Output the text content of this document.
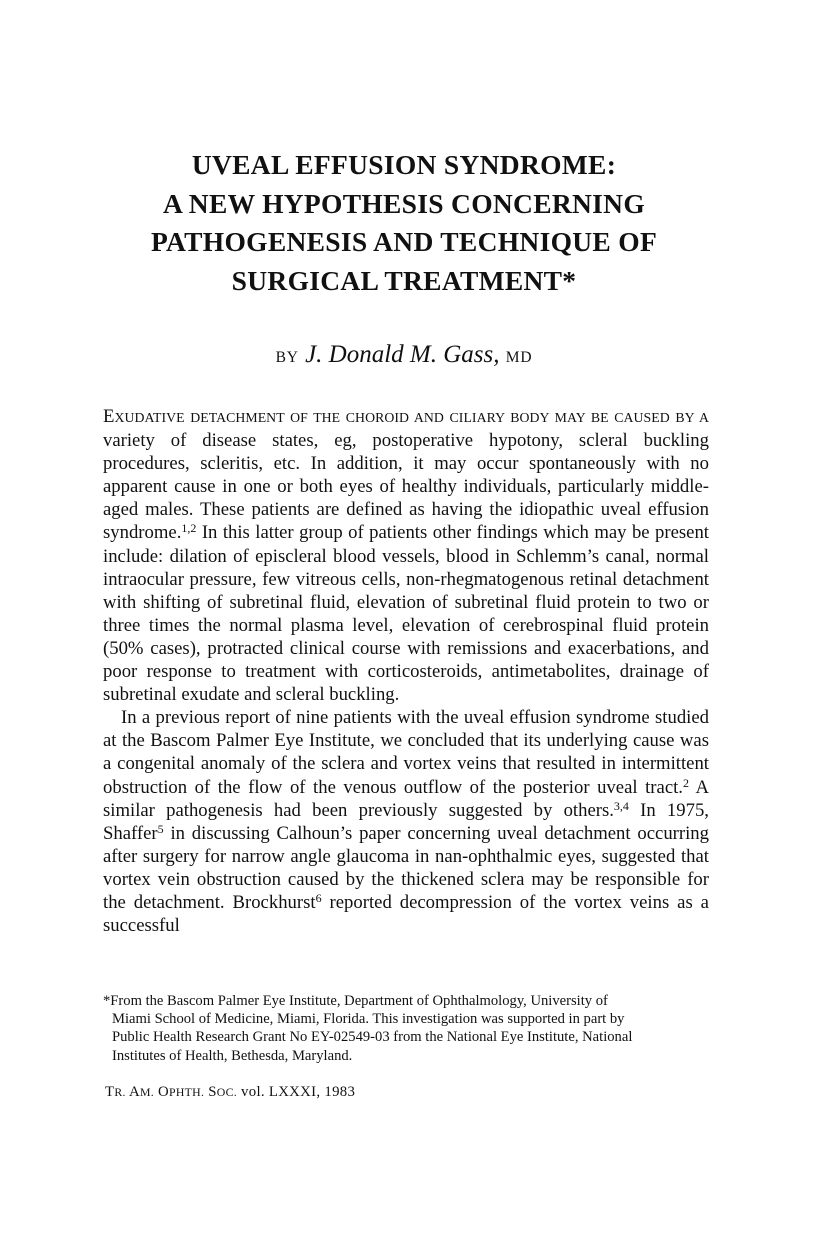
UVEAL EFFUSION SYNDROME:
A NEW HYPOTHESIS CONCERNING
PATHOGENESIS AND TECHNIQUE OF
SURGICAL TREATMENT*

BY J. Donald M. Gass, MD

EXUDATIVE DETACHMENT OF THE CHOROID AND CILIARY BODY MAY BE CAUSED BY A variety of disease states, eg, postoperative hypotony, scleral buckling procedures, scleritis, etc. In addition, it may occur spontaneously with no apparent cause in one or both eyes of healthy individuals, particularly middle-aged males. These patients are defined as having the idiopathic uveal effusion syndrome.$^{1,2}$ In this latter group of patients other findings which may be present include: dilation of episcleral blood vessels, blood in Schlemm’s canal, normal intraocular pressure, few vitreous cells, non-rhegmatogenous retinal detachment with shifting of subretinal fluid, elevation of subretinal fluid protein to two or three times the normal plasma level, elevation of cerebrospinal fluid protein (50% cases), protracted clinical course with remissions and exacerbations, and poor response to treatment with corticosteroids, antimetabolites, drainage of subretinal exudate and scleral buckling.

In a previous report of nine patients with the uveal effusion syndrome studied at the Bascom Palmer Eye Institute, we concluded that its underlying cause was a congenital anomaly of the sclera and vortex veins that resulted in intermittent obstruction of the flow of the venous outflow of the posterior uveal tract.$^2$ A similar pathogenesis had been previously suggested by others.$^{3,4}$ In 1975, Shaffer$^5$ in discussing Calhoun’s paper concerning uveal detachment occurring after surgery for narrow angle glaucoma in nan-ophthalmic eyes, suggested that vortex vein obstruction caused by the thickened sclera may be responsible for the detachment. Brockhurst$^6$ reported decompression of the vortex veins as a successful

*From the Bascom Palmer Eye Institute, Department of Ophthalmology, University of
Miami School of Medicine, Miami, Florida. This investigation was supported in part by
Public Health Research Grant No EY-02549-03 from the National Eye Institute, National
Institutes of Health, Bethesda, Maryland.

TR. AM. OPHTH. SOC. vol. LXXXI, 1983
